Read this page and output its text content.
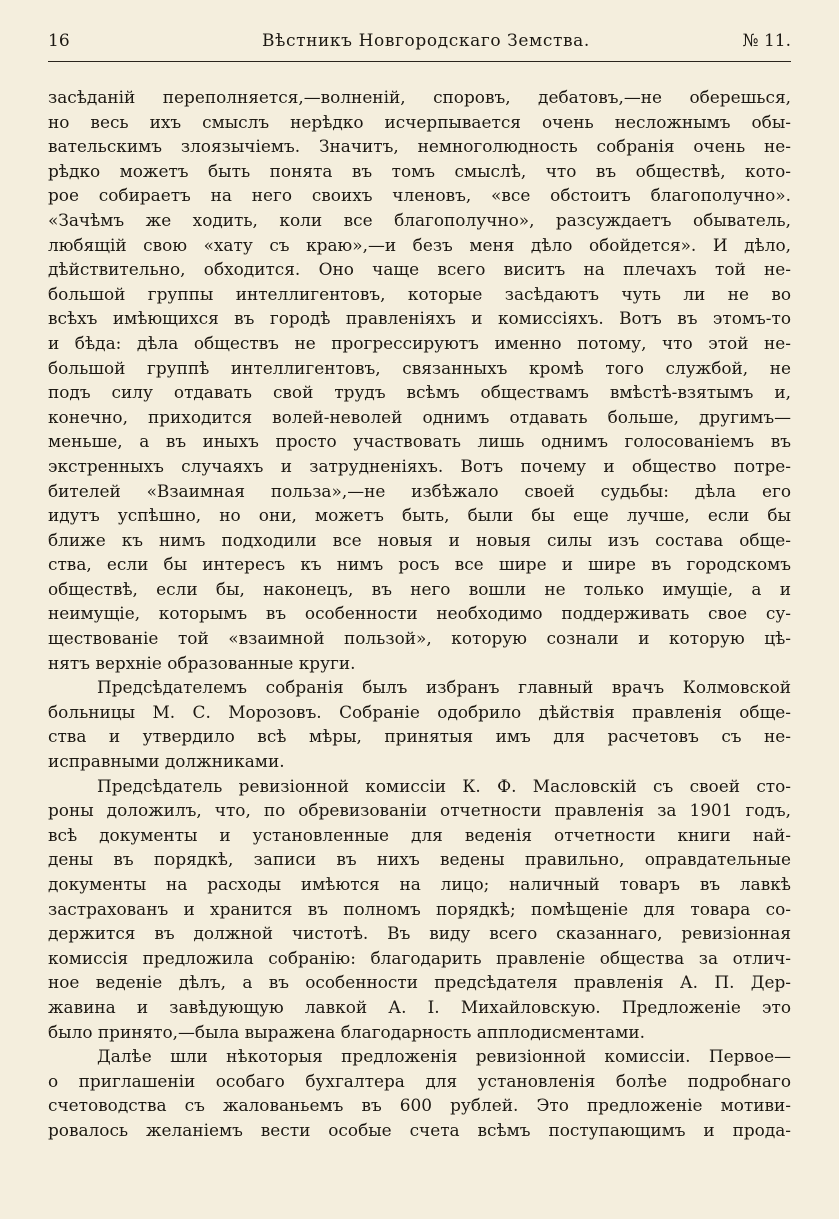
16	Вѣстникъ Новгородскаго Земства.	№ 11.
засѣданій переполняется,—волненій, споровъ, дебатовъ,—не оберешься,
но весь ихъ смыслъ нерѣдко исчерпывается очень несложнымъ обы-
вательскимъ злоязычіемъ. Значитъ, немноголюдность собранія очень не-
рѣдко можетъ быть понята въ томъ смыслѣ, что въ обществѣ, кото-
рое собираетъ на него своихъ членовъ, «все обстоитъ благополучно».
«Зачѣмъ же ходить, коли все благополучно», разсуждаетъ обыватель,
любящій свою «хату съ краю»,—и безъ меня дѣло обойдется». И дѣло,
дѣйствительно, обходится. Оно чаще всего виситъ на плечахъ той не-
большой группы интеллигентовъ, которые засѣдаютъ чуть ли не во
всѣхъ имѣющихся въ городѣ правленіяхъ и комиссіяхъ. Вотъ въ этомъ-то
и бѣда: дѣла обществъ не прогрессируютъ именно потому, что этой не-
большой группѣ интеллигентовъ, связанныхъ кромѣ того службой, не
подъ силу отдавать свой трудъ всѣмъ обществамъ вмѣстѣ-взятымъ и,
конечно, приходится волей-неволей однимъ отдавать больше, другимъ—
меньше, а въ иныхъ просто участвовать лишь однимъ голосованіемъ въ
экстренныхъ случаяхъ и затрудненіяхъ. Вотъ почему и общество потре-
бителей «Взаимная польза»,—не избѣжало своей судьбы: дѣла его
идутъ успѣшно, но они, можетъ быть, были бы еще лучше, если бы
ближе къ нимъ подходили все новыя и новыя силы изъ состава обще-
ства, если бы интересъ къ нимъ росъ все шире и шире въ городскомъ
обществѣ, если бы, наконецъ, въ него вошли не только имущіе, а и
неимущіе, которымъ въ особенности необходимо поддерживать свое су-
ществованіе той «взаимной пользой», которую сознали и которую цѣ-
нятъ верхніе образованные круги.
Предсѣдателемъ собранія былъ избранъ главный врачъ Колмовской
больницы М. С. Морозовъ. Собраніе одобрило дѣйствія правленія обще-
ства и утвердило всѣ мѣры, принятыя имъ для расчетовъ съ не-
исправными должниками.
Предсѣдатель ревизіонной комиссіи К. Ф. Масловскій съ своей сто-
роны доложилъ, что, по обревизованіи отчетности правленія за 1901 годъ,
всѣ документы и установленные для веденія отчетности книги най-
дены въ порядкѣ, записи въ нихъ ведены правильно, оправдательные
документы на расходы имѣются на лицо; наличный товаръ въ лавкѣ
застрахованъ и хранится въ полномъ порядкѣ; помѣщеніе для товара со-
держится въ должной чистотѣ. Въ виду всего сказаннаго, ревизіонная
комиссія предложила собранію: благодарить правленіе общества за отлич-
ное веденіе дѣлъ, а въ особенности предсѣдателя правленія А. П. Дер-
жавина и завѣдующую лавкой А. І. Михайловскую. Предложеніе это
было принято,—была выражена благодарность апплодисментами.
Далѣе шли нѣкоторыя предложенія ревизіонной комиссіи. Первое—
о приглашеніи особаго бухгалтера для установленія болѣе подробнаго
счетоводства съ жалованьемъ въ 600 рублей. Это предложеніе мотиви-
ровалось желаніемъ вести особые счета всѣмъ поступающимъ и прода-
